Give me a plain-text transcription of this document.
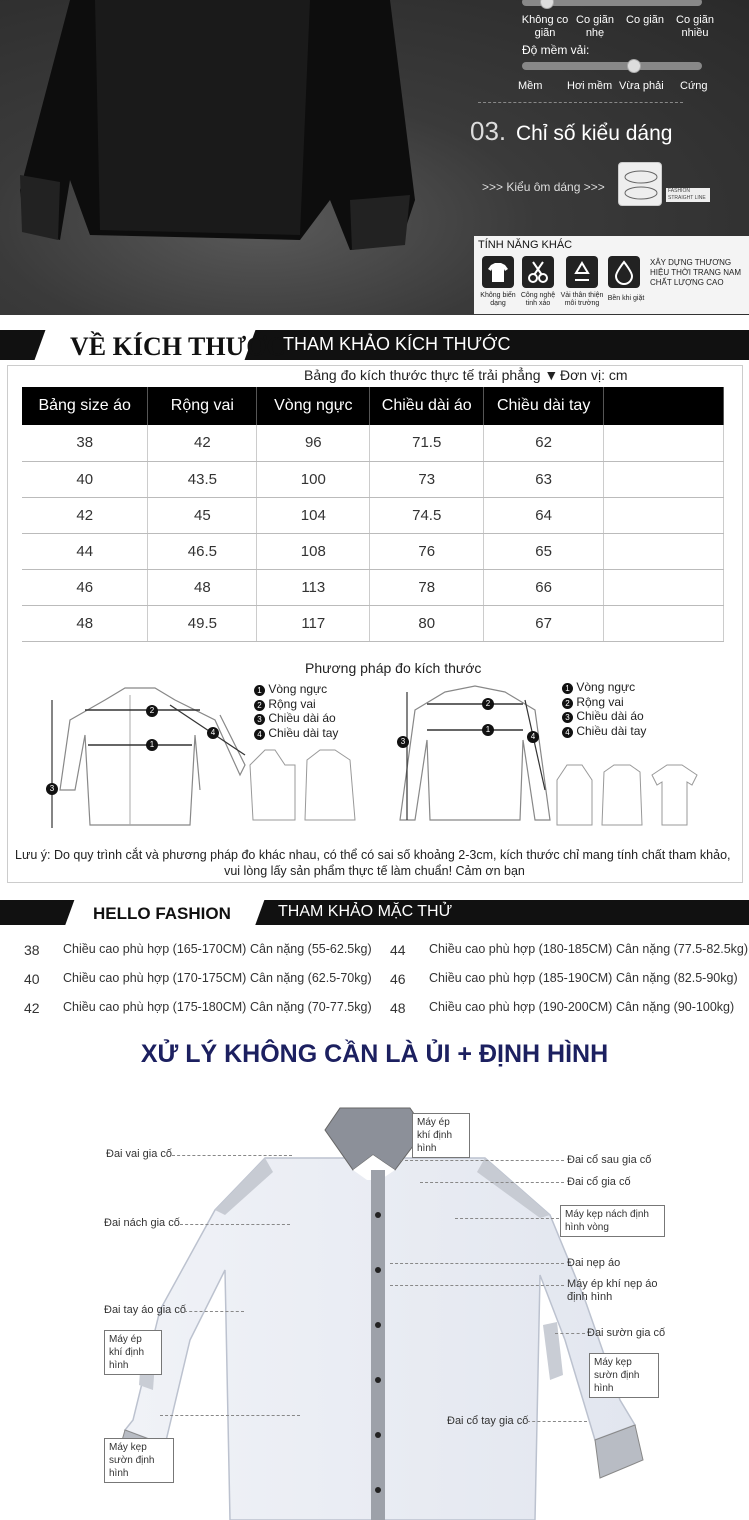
Không co giãn
Co giãn nhẹ
Co giãn	Co giãn nhiều
Độ mềm vải:
Mềm Hơi mềm Vừa phải Cứng
03. Chỉ số kiểu dáng
>>> Kiểu ôm dáng >>>	FASHION STRAIGHT LINE
TÍNH NĂNG KHÁC
Không biến dạng
Công nghệ tinh xảo
Vải thân thiện môi trường
Bền khi giặt
XÂY DỰNG THƯƠNG HIỆU THỜI TRANG NAM CHẤT LƯỢNG CAO
VỀ KÍCH THƯỚC
THAM KHẢO KÍCH THƯỚC
Bảng đo kích thước thực tế trải phẳng ▼ Đơn vị: cm
Bảng size áo	Rộng vai	Vòng ngực	Chiều dài áo	Chiều dài tay	
38	42	96	71.5	62	
40	43.5	100	73	63	
42	45	104	74.5	64	
44	46.5	108	76	65	
46	48	113	78	66	
48	49.5	117	80	67	
Phương pháp đo kích thước
2
1
3
4
1 Vòng ngực
2 Rộng vai
3 Chiều dài áo
4 Chiều dài tay
2
1
3
4
1 Vòng ngực
2 Rộng vai
3 Chiều dài áo
4 Chiều dài tay
Lưu ý: Do quy trình cắt và phương pháp đo khác nhau, có thể có sai số khoảng 2-3cm, kích thước chỉ mang tính chất tham khảo,
vui lòng lấy sản phẩm thực tế làm chuẩn! Cảm ơn bạn
HELLO FASHION	THAM KHẢO MẶC THỬ
38 Chiều cao phù hợp (165-170CM) Cân nặng (55-62.5kg)
40 Chiều cao phù hợp (170-175CM) Cân nặng (62.5-70kg)
42 Chiều cao phù hợp (175-180CM) Cân nặng (70-77.5kg)
44 Chiều cao phù hợp (180-185CM) Cân nặng (77.5-82.5kg)
46 Chiều cao phù hợp (185-190CM) Cân nặng (82.5-90kg)
48 Chiều cao phù hợp (190-200CM) Cân nặng (90-100kg)
XỬ LÝ KHÔNG CẦN LÀ ỦI + ĐỊNH HÌNH
Máy ép khí định hình
Đai vai gia cố	Đai cổ sau gia cố
Đai cổ gia cố
Đai nách gia cố
Máy kẹp nách định hình vòng
Đai nẹp áo
Máy ép khí nẹp áo định hình
Đai tay áo gia cố
Máy ép khí định hình
Đai sườn gia cố
Máy kẹp sườn định hình
Đai cổ tay gia cố
Máy kẹp sườn định hình
